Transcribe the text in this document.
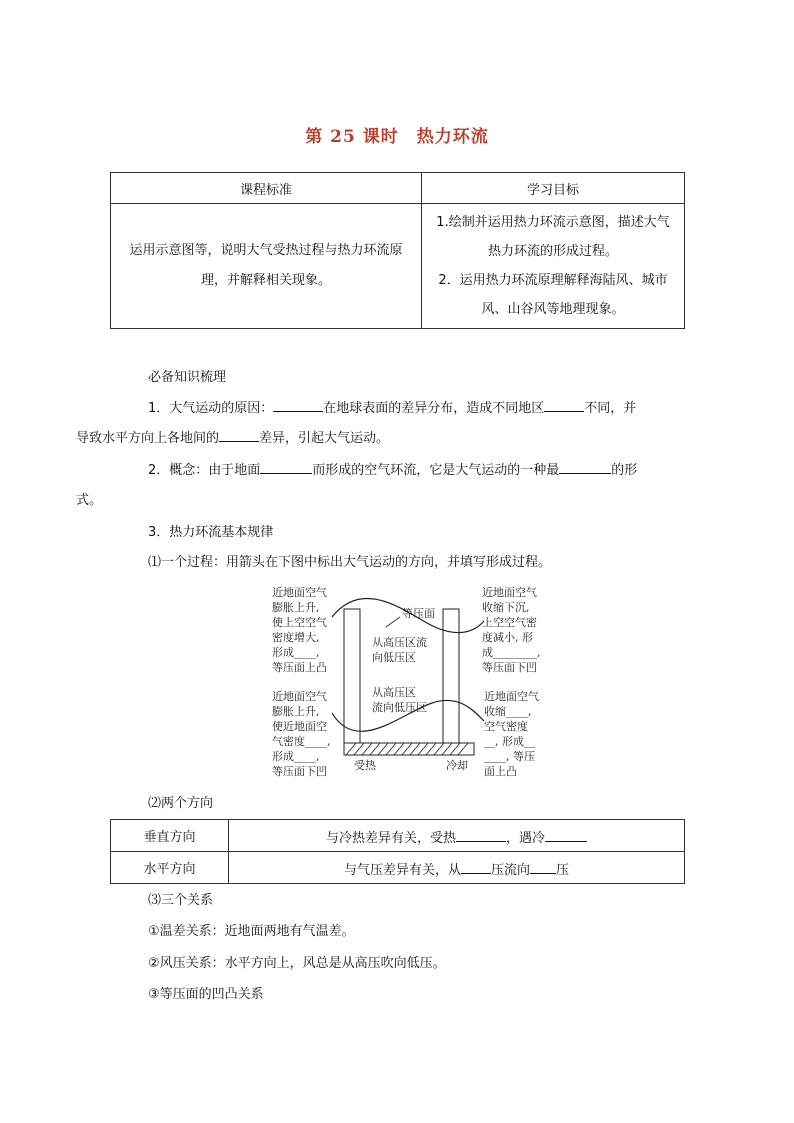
第 25 课时　热力环流
课程标准	学习目标
运用示意图等，说明大气受热过程与热力环流原理，并解释相关现象。	1.绘制并运用热力环流示意图，描述大气热力环流的形成过程。
2．运用热力环流原理解释海陆风、城市风、山谷风等地理现象。
必备知识梳理
1．大气运动的原因：	在地球表面的差异分布，造成不同地区	不同，并
导致水平方向上各地间的	差异，引起大气运动。
2．概念：由于地面	而形成的空气环流，它是大气运动的一种最	的形
式。
3．热力环流基本规律
⑴一个过程：用箭头在下图中标出大气运动的方向，并填写形成过程。
近地面空气
膨胀上升,
使上空空气
密度增大,
形成____,
等压面上凸
近地面空气
膨胀上升,
使近地面空
气密度____,
形成____,
等压面下凹
近地面空气
收缩下沉,
上空空气密
度减小, 形
成________,
等压面下凹
近地面空气
收缩____,
空气密度
__, 形成__
____, 等压
面上凸
等压面
从高压区流
向低压区
从高压区
流向低压区
受热	冷却
⑵两个方向
垂直方向	与冷热差异有关，受热 ，遇冷
水平方向	与气压差异有关，从 压流向 压
⑶三个关系
①温差关系：近地面两地有气温差。
②风压关系：水平方向上，风总是从高压吹向低压。
③等压面的凹凸关系
